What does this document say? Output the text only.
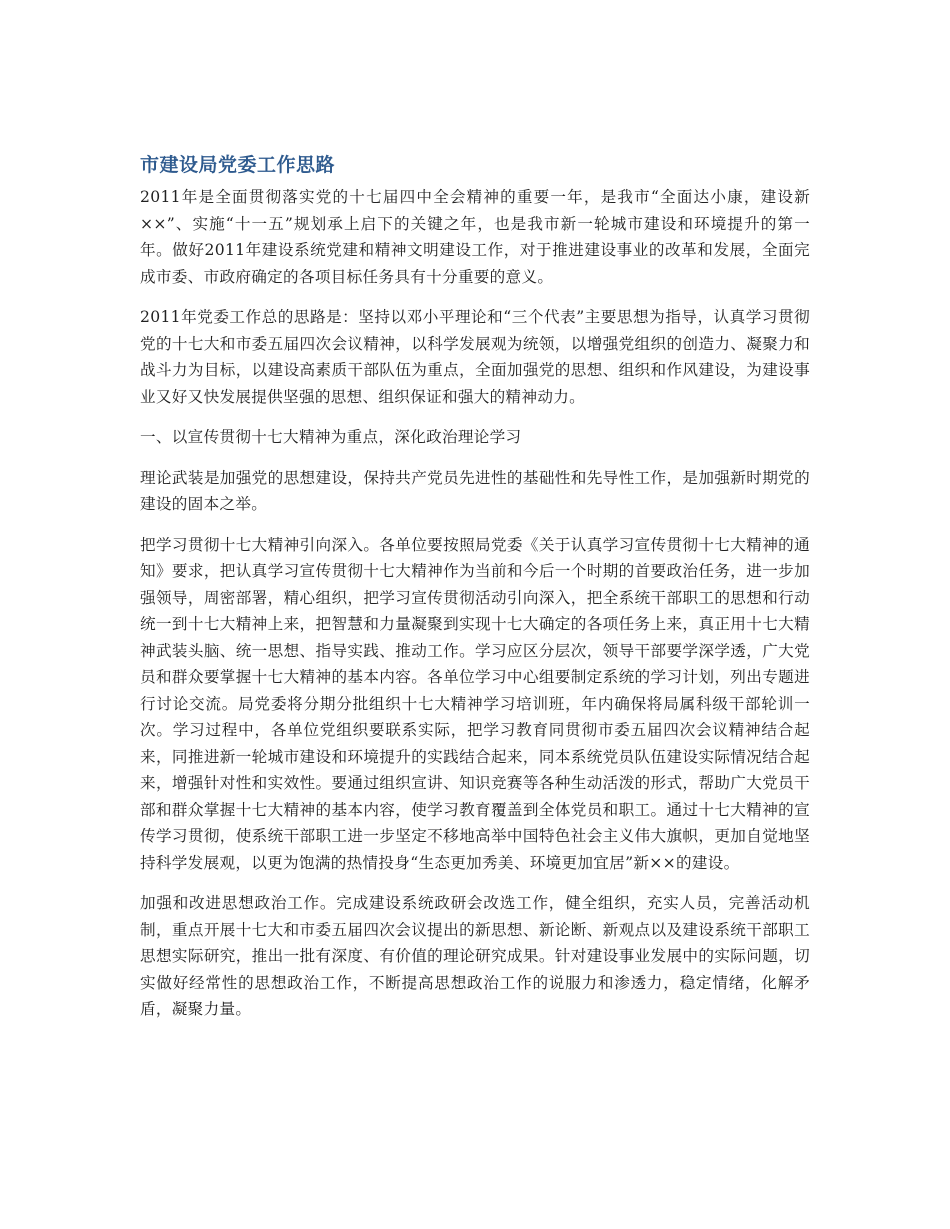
市建设局党委工作思路

2011年是全面贯彻落实党的十七届四中全会精神的重要一年，是我市“全面达小康，建设新××”、实施“十一五”规划承上启下的关键之年，也是我市新一轮城市建设和环境提升的第一年。做好2011年建设系统党建和精神文明建设工作，对于推进建设事业的改革和发展，全面完成市委、市政府确定的各项目标任务具有十分重要的意义。

2011年党委工作总的思路是：坚持以邓小平理论和“三个代表”主要思想为指导，认真学习贯彻党的十七大和市委五届四次会议精神，以科学发展观为统领，以增强党组织的创造力、凝聚力和战斗力为目标，以建设高素质干部队伍为重点，全面加强党的思想、组织和作风建设，为建设事业又好又快发展提供坚强的思想、组织保证和强大的精神动力。

一、以宣传贯彻十七大精神为重点，深化政治理论学习

理论武装是加强党的思想建设，保持共产党员先进性的基础性和先导性工作，是加强新时期党的建设的固本之举。

把学习贯彻十七大精神引向深入。各单位要按照局党委《关于认真学习宣传贯彻十七大精神的通知》要求，把认真学习宣传贯彻十七大精神作为当前和今后一个时期的首要政治任务，进一步加强领导，周密部署，精心组织，把学习宣传贯彻活动引向深入，把全系统干部职工的思想和行动统一到十七大精神上来，把智慧和力量凝聚到实现十七大确定的各项任务上来，真正用十七大精神武装头脑、统一思想、指导实践、推动工作。学习应区分层次，领导干部要学深学透，广大党员和群众要掌握十七大精神的基本内容。各单位学习中心组要制定系统的学习计划，列出专题进行讨论交流。局党委将分期分批组织十七大精神学习培训班，年内确保将局属科级干部轮训一次。学习过程中，各单位党组织要联系实际，把学习教育同贯彻市委五届四次会议精神结合起来，同推进新一轮城市建设和环境提升的实践结合起来，同本系统党员队伍建设实际情况结合起来，增强针对性和实效性。要通过组织宣讲、知识竞赛等各种生动活泼的形式，帮助广大党员干部和群众掌握十七大精神的基本内容，使学习教育覆盖到全体党员和职工。通过十七大精神的宣传学习贯彻，使系统干部职工进一步坚定不移地高举中国特色社会主义伟大旗帜，更加自觉地坚持科学发展观，以更为饱满的热情投身“生态更加秀美、环境更加宜居”新××的建设。

加强和改进思想政治工作。完成建设系统政研会改选工作，健全组织，充实人员，完善活动机制，重点开展十七大和市委五届四次会议提出的新思想、新论断、新观点以及建设系统干部职工思想实际研究，推出一批有深度、有价值的理论研究成果。针对建设事业发展中的实际问题，切实做好经常性的思想政治工作，不断提高思想政治工作的说服力和渗透力，稳定情绪，化解矛盾，凝聚力量。
